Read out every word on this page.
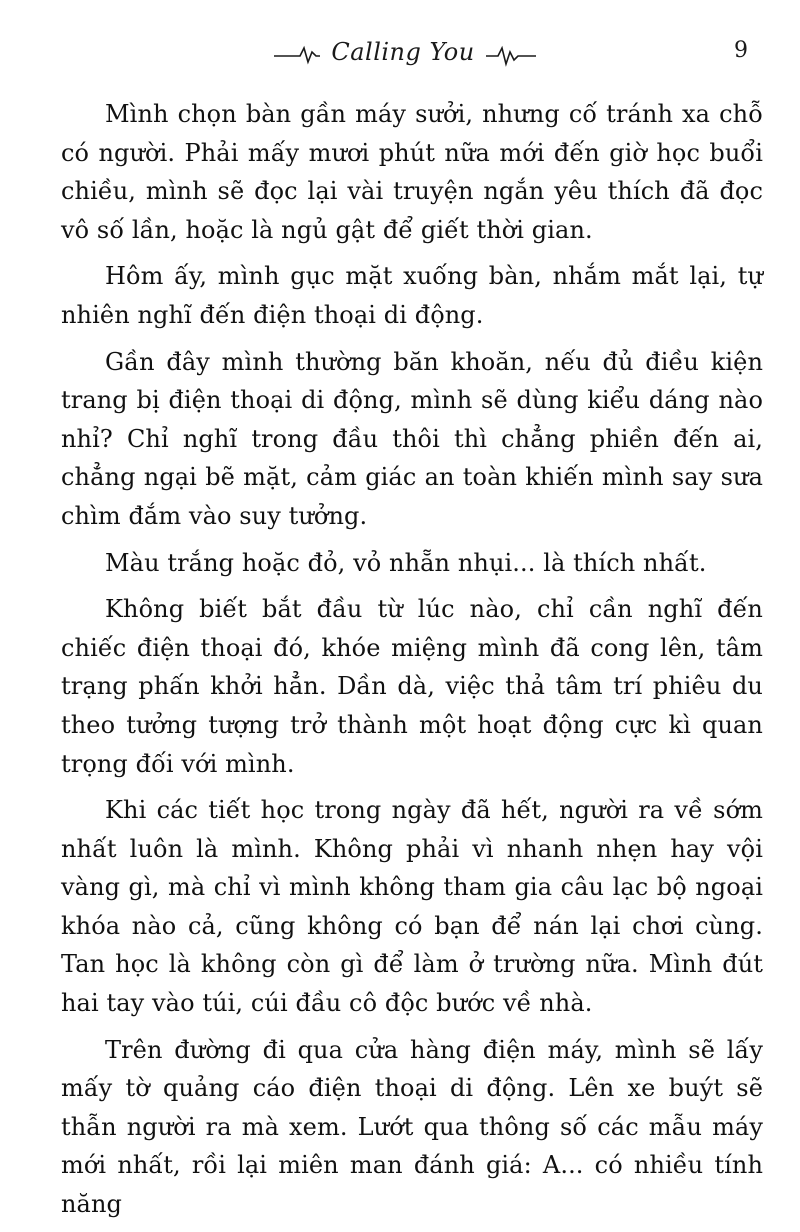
Calling You	9

Mình chọn bàn gần máy sưởi, nhưng cố tránh xa chỗ có người. Phải mấy mươi phút nữa mới đến giờ học buổi chiều, mình sẽ đọc lại vài truyện ngắn yêu thích đã đọc vô số lần, hoặc là ngủ gật để giết thời gian.

Hôm ấy, mình gục mặt xuống bàn, nhắm mắt lại, tự nhiên nghĩ đến điện thoại di động.

Gần đây mình thường băn khoăn, nếu đủ điều kiện trang bị điện thoại di động, mình sẽ dùng kiểu dáng nào nhỉ? Chỉ nghĩ trong đầu thôi thì chẳng phiền đến ai, chẳng ngại bẽ mặt, cảm giác an toàn khiến mình say sưa chìm đắm vào suy tưởng.

Màu trắng hoặc đỏ, vỏ nhẵn nhụi... là thích nhất.

Không biết bắt đầu từ lúc nào, chỉ cần nghĩ đến chiếc điện thoại đó, khóe miệng mình đã cong lên, tâm trạng phấn khởi hẳn. Dần dà, việc thả tâm trí phiêu du theo tưởng tượng trở thành một hoạt động cực kì quan trọng đối với mình.

Khi các tiết học trong ngày đã hết, người ra về sớm nhất luôn là mình. Không phải vì nhanh nhẹn hay vội vàng gì, mà chỉ vì mình không tham gia câu lạc bộ ngoại khóa nào cả, cũng không có bạn để nán lại chơi cùng. Tan học là không còn gì để làm ở trường nữa. Mình đút hai tay vào túi, cúi đầu cô độc bước về nhà.

Trên đường đi qua cửa hàng điện máy, mình sẽ lấy mấy tờ quảng cáo điện thoại di động. Lên xe buýt sẽ thẫn người ra mà xem. Lướt qua thông số các mẫu máy mới nhất, rồi lại miên man đánh giá: A... có nhiều tính năng
